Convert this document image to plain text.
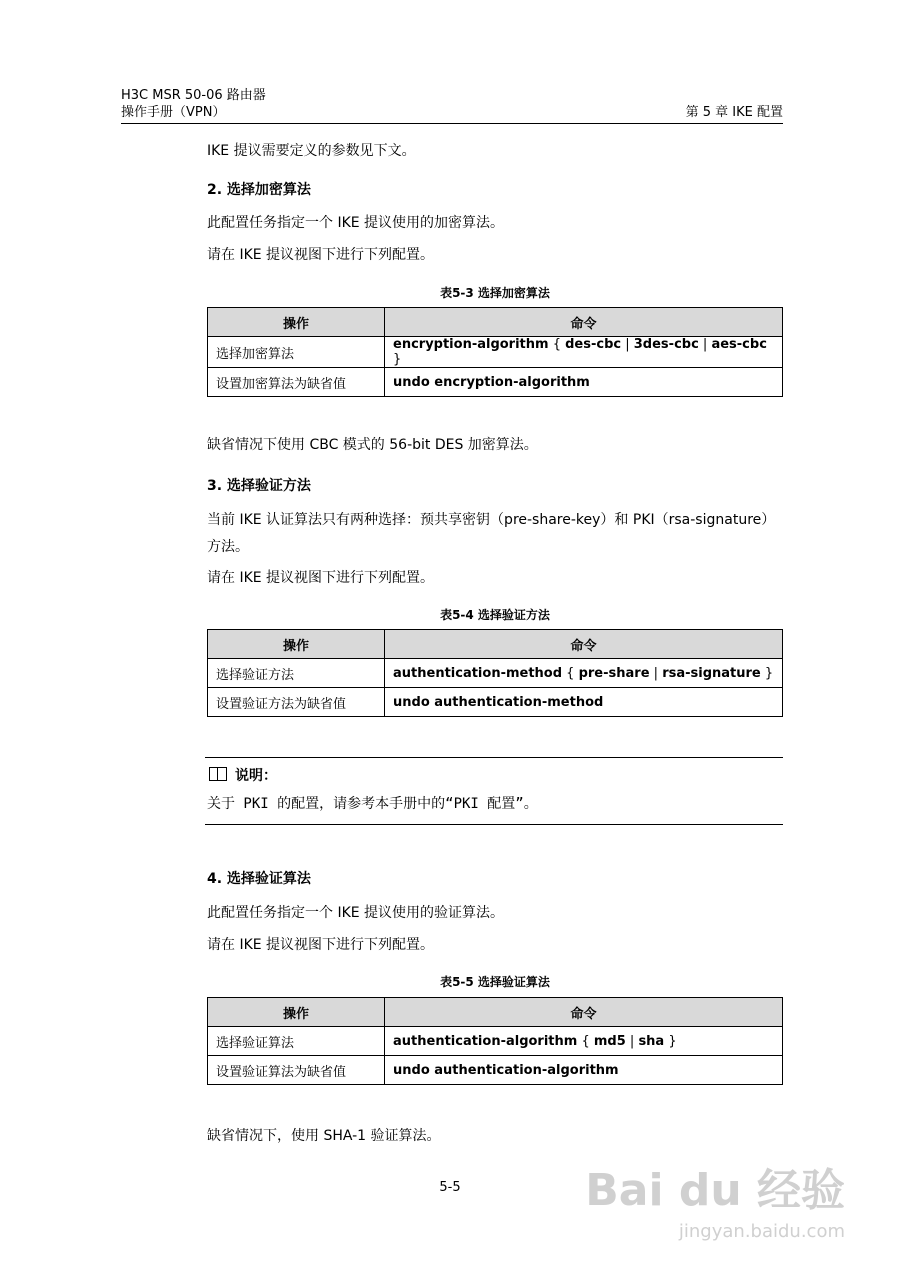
H3C MSR 50-06 路由器
操作手册（VPN）	第 5 章 IKE 配置
IKE 提议需要定义的参数见下文。
2. 选择加密算法
此配置任务指定一个 IKE 提议使用的加密算法。
请在 IKE 提议视图下进行下列配置。
表5-3 选择加密算法
操作	命令
选择加密算法	encryption-algorithm { des-cbc | 3des-cbc | aes-cbc }
设置加密算法为缺省值	undo encryption-algorithm
缺省情况下使用 CBC 模式的 56-bit DES 加密算法。
3. 选择验证方法
当前 IKE 认证算法只有两种选择：预共享密钥（pre-share-key）和 PKI（rsa-signature）
方法。
请在 IKE 提议视图下进行下列配置。
表5-4 选择验证方法
操作	命令
选择验证方法	authentication-method { pre-share | rsa-signature }
设置验证方法为缺省值	undo authentication-method
说明：
关于 PKI 的配置，请参考本手册中的“PKI 配置”。
4. 选择验证算法
此配置任务指定一个 IKE 提议使用的验证算法。
请在 IKE 提议视图下进行下列配置。
表5-5 选择验证算法
操作	命令
选择验证算法	authentication-algorithm { md5 | sha }
设置验证算法为缺省值	undo authentication-algorithm
缺省情况下，使用 SHA-1 验证算法。
5-5	Bai du 经验
jingyan.baidu.com
